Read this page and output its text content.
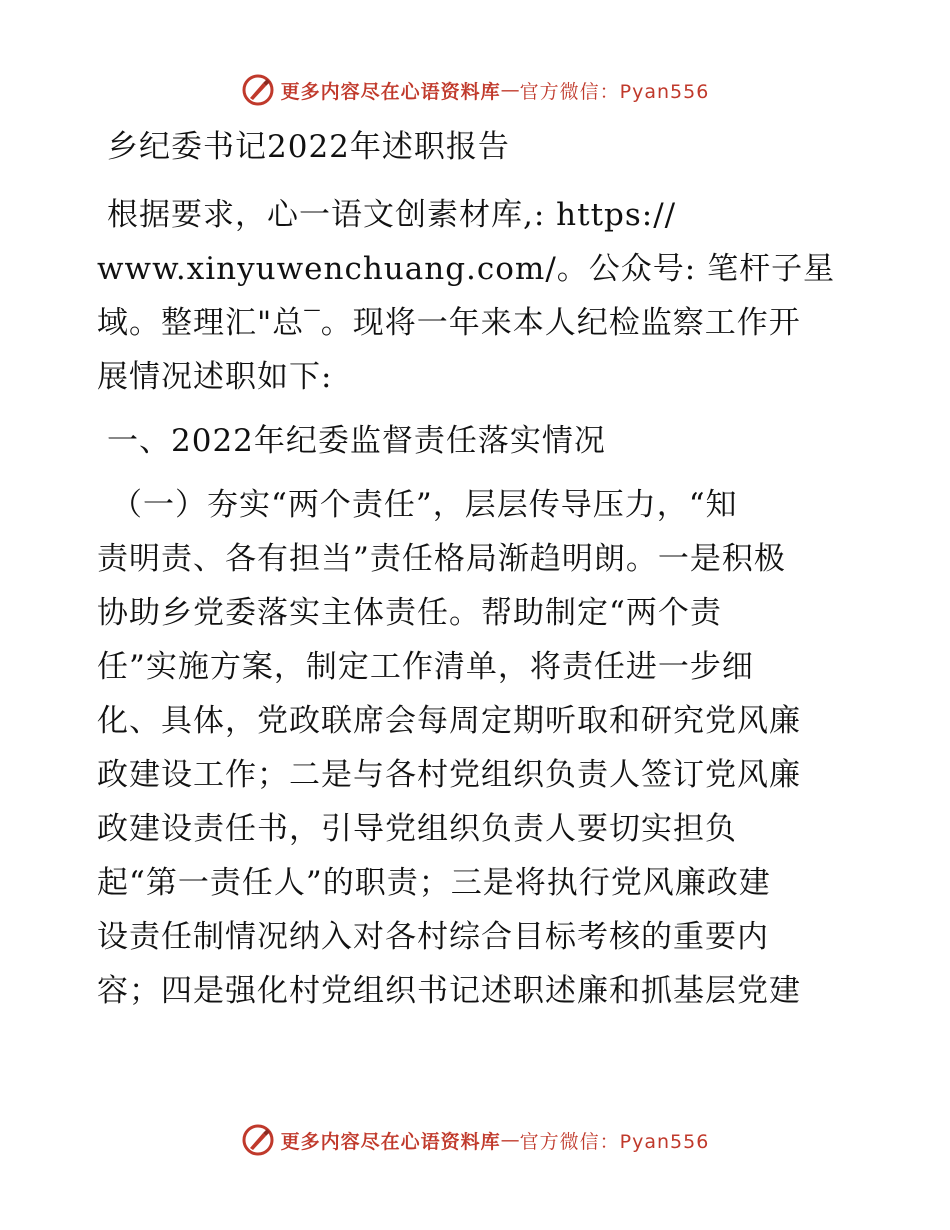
更多内容尽在心语资料库 — 官方微信：Pyan556
乡纪委书记2022年述职报告
根据要求，心一语文创素材库,: https://
www.xinyuwenchuang.com/。公众号: 笔杆子星
域。整理汇"总‾。现将一年来本人纪检监察工作开
展情况述职如下:
一、2022年纪委监督责任落实情况
（一）夯实“两个责任”，层层传导压力，“知
责明责、各有担当”责任格局渐趋明朗。一是积极
协助乡党委落实主体责任。帮助制定“两个责
任”实施方案，制定工作清单，将责任进一步细
化、具体，党政联席会每周定期听取和研究党风廉
政建设工作；二是与各村党组织负责人签订党风廉
政建设责任书，引导党组织负责人要切实担负
起“第一责任人”的职责；三是将执行党风廉政建
设责任制情况纳入对各村综合目标考核的重要内
容；四是强化村党组织书记述职述廉和抓基层党建
更多内容尽在心语资料库 — 官方微信：Pyan556
